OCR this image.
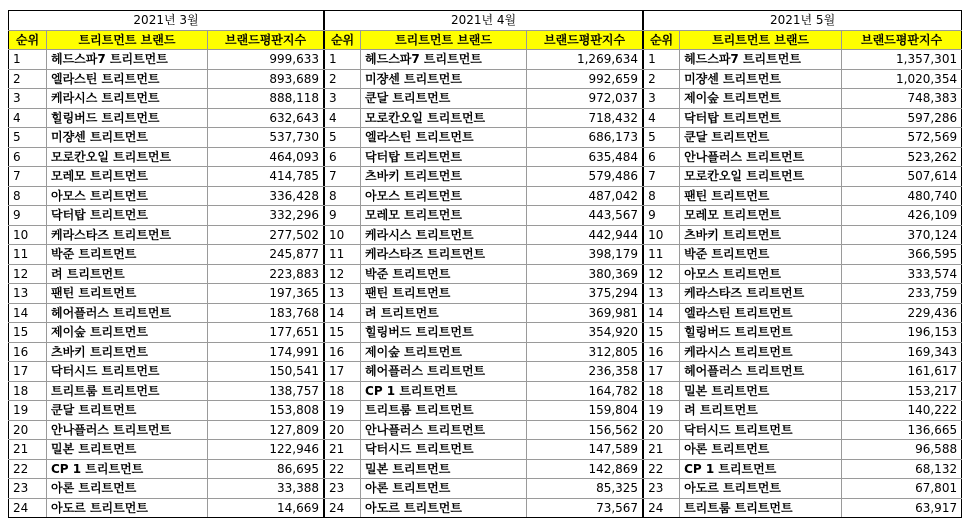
2021년 3월		
순위	트리트먼트 브랜드	브랜드평판지수
1	헤드스파7 트리트먼트	999,633
2	엘라스틴 트리트먼트	893,689
3	케라시스 트리트먼트	888,118
4	힐링버드 트리트먼트	632,643
5	미쟝센 트리트먼트	537,730
6	모로칸오일 트리트먼트	464,093
7	모레모 트리트먼트	414,785
8	아모스 트리트먼트	336,428
9	닥터탑 트리트먼트	332,296
10	케라스타즈 트리트먼트	277,502
11	박준 트리트먼트	245,877
12	려 트리트먼트	223,883
13	팬틴 트리트먼트	197,365
14	헤어플러스 트리트먼트	183,768
15	제이숲 트리트먼트	177,651
16	츠바키 트리트먼트	174,991
17	닥터시드 트리트먼트	150,541
18	트리트룸 트리트먼트	138,757
19	쿤달 트리트먼트	153,808
20	안나플러스 트리트먼트	127,809
21	밀본 트리트먼트	122,946
22	CP 1 트리트먼트	86,695
23	아론 트리트먼트	33,388
24	아도르 트리트먼트	14,669
2021년 4월		
순위	트리트먼트 브랜드	브랜드평판지수
1	헤드스파7 트리트먼트	1,269,634
2	미쟝센 트리트먼트	992,659
3	쿤달 트리트먼트	972,037
4	모로칸오일 트리트먼트	718,432
5	엘라스틴 트리트먼트	686,173
6	닥터탑 트리트먼트	635,484
7	츠바키 트리트먼트	579,486
8	아모스 트리트먼트	487,042
9	모레모 트리트먼트	443,567
10	케라시스 트리트먼트	442,944
11	케라스타즈 트리트먼트	398,179
12	박준 트리트먼트	380,369
13	팬틴 트리트먼트	375,294
14	려 트리트먼트	369,981
15	힐링버드 트리트먼트	354,920
16	제이숲 트리트먼트	312,805
17	헤어플러스 트리트먼트	236,358
18	CP 1 트리트먼트	164,782
19	트리트룸 트리트먼트	159,804
20	안나플러스 트리트먼트	156,562
21	닥터시드 트리트먼트	147,589
22	밀본 트리트먼트	142,869
23	아론 트리트먼트	85,325
24	아도르 트리트먼트	73,567
2021년 5월		
순위	트리트먼트 브랜드	브랜드평판지수
1	헤드스파7 트리트먼트	1,357,301
2	미쟝센 트리트먼트	1,020,354
3	제이숲 트리트먼트	748,383
4	닥터탑 트리트먼트	597,286
5	쿤달 트리트먼트	572,569
6	안나플러스 트리트먼트	523,262
7	모로칸오일 트리트먼트	507,614
8	팬틴 트리트먼트	480,740
9	모레모 트리트먼트	426,109
10	츠바키 트리트먼트	370,124
11	박준 트리트먼트	366,595
12	아모스 트리트먼트	333,574
13	케라스타즈 트리트먼트	233,759
14	엘라스틴 트리트먼트	229,436
15	힐링버드 트리트먼트	196,153
16	케라시스 트리트먼트	169,343
17	헤어플러스 트리트먼트	161,617
18	밀본 트리트먼트	153,217
19	려 트리트먼트	140,222
20	닥터시드 트리트먼트	136,665
21	아론 트리트먼트	96,588
22	CP 1 트리트먼트	68,132
23	아도르 트리트먼트	67,801
24	트리트룸 트리트먼트	63,917
